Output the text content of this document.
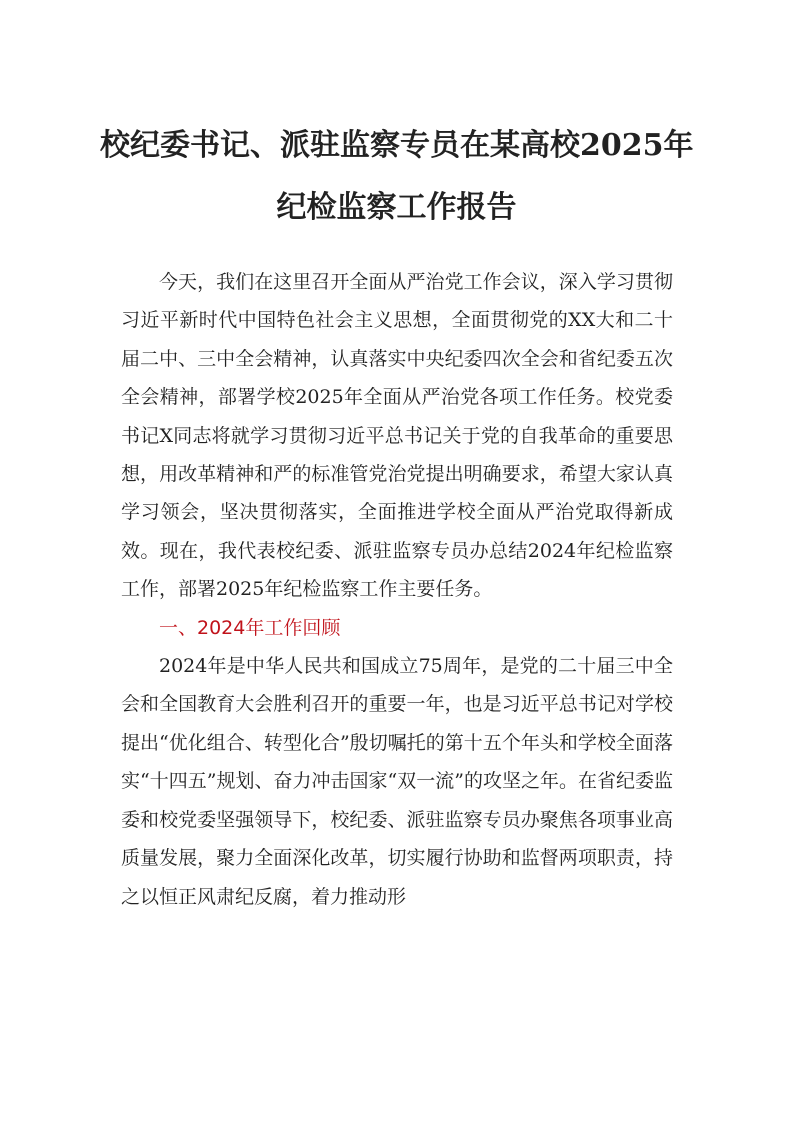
校纪委书记、派驻监察专员在某高校2025年
纪检监察工作报告

今天，我们在这里召开全面从严治党工作会议，深入学习贯彻习近平新时代中国特色社会主义思想，全面贯彻党的XX大和二十届二中、三中全会精神，认真落实中央纪委四次全会和省纪委五次全会精神，部署学校2025年全面从严治党各项工作任务。校党委书记X同志将就学习贯彻习近平总书记关于党的自我革命的重要思想，用改革精神和严的标准管党治党提出明确要求，希望大家认真学习领会，坚决贯彻落实，全面推进学校全面从严治党取得新成效。现在，我代表校纪委、派驻监察专员办总结2024年纪检监察工作，部署2025年纪检监察工作主要任务。

一、2024年工作回顾

2024年是中华人民共和国成立75周年，是党的二十届三中全会和全国教育大会胜利召开的重要一年，也是习近平总书记对学校提出“优化组合、转型化合”殷切嘱托的第十五个年头和学校全面落实“十四五”规划、奋力冲击国家“双一流”的攻坚之年。在省纪委监委和校党委坚强领导下，校纪委、派驻监察专员办聚焦各项事业高质量发展，聚力全面深化改革，切实履行协助和监督两项职责，持之以恒正风肃纪反腐，着力推动形
